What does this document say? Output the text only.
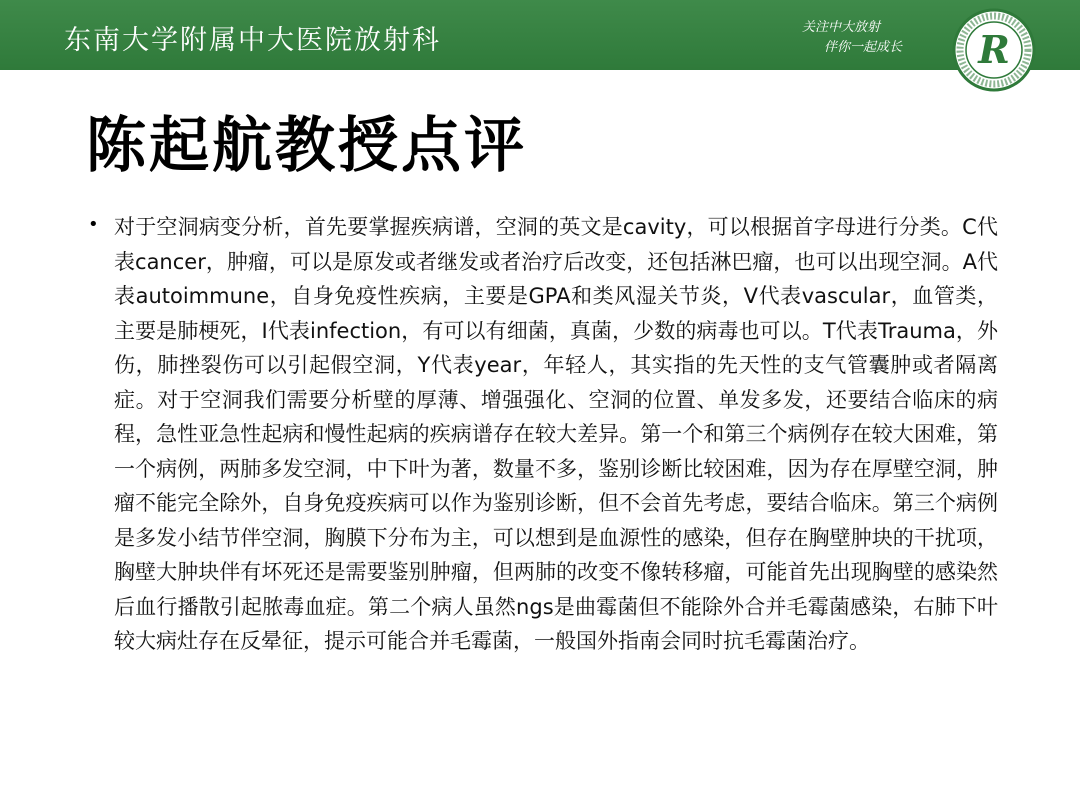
东南大学附属中大医院放射科	关注中大放射
伴你一起成长	R
陈起航教授点评
• 对于空洞病变分析，首先要掌握疾病谱，空洞的英文是cavity，可以根据首字母进行分类。C代表cancer，肿瘤，可以是原发或者继发或者治疗后改变，还包括淋巴瘤，也可以出现空洞。A代表autoimmune，自身免疫性疾病，主要是GPA和类风湿关节炎，V代表vascular，血管类，主要是肺梗死，I代表infection，有可以有细菌，真菌，少数的病毒也可以。T代表Trauma，外伤，肺挫裂伤可以引起假空洞，Y代表year，年轻人，其实指的先天性的支气管囊肿或者隔离症。对于空洞我们需要分析壁的厚薄、增强强化、空洞的位置、单发多发，还要结合临床的病程，急性亚急性起病和慢性起病的疾病谱存在较大差异。第一个和第三个病例存在较大困难，第一个病例，两肺多发空洞，中下叶为著，数量不多，鉴别诊断比较困难，因为存在厚壁空洞，肿瘤不能完全除外，自身免疫疾病可以作为鉴别诊断，但不会首先考虑，要结合临床。第三个病例是多发小结节伴空洞，胸膜下分布为主，可以想到是血源性的感染，但存在胸壁肿块的干扰项，胸壁大肿块伴有坏死还是需要鉴别肿瘤，但两肺的改变不像转移瘤，可能首先出现胸壁的感染然后血行播散引起脓毒血症。第二个病人虽然ngs是曲霉菌但不能除外合并毛霉菌感染，右肺下叶较大病灶存在反晕征，提示可能合并毛霉菌，一般国外指南会同时抗毛霉菌治疗。
